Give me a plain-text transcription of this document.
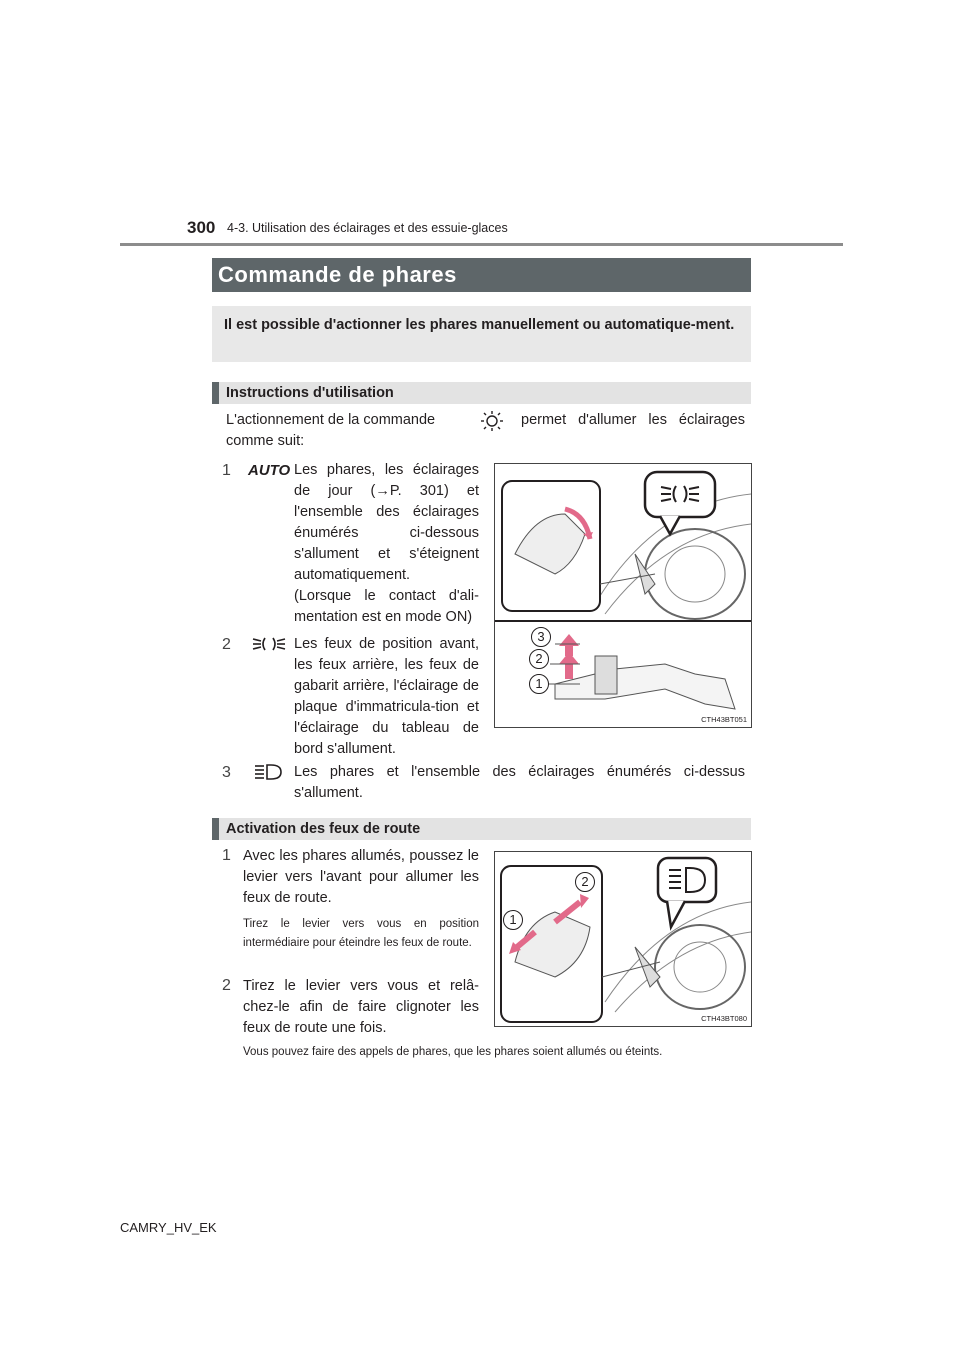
300 4-3. Utilisation des éclairages et des essuie-glaces
Commande de phares
Il est possible d'actionner les phares manuellement ou automatique-ment.
Instructions d'utilisation
L'actionnement de la commande	permet d'allumer les éclairages comme suit:
1 AUTO Les phares, les éclairages de jour (→P. 301) et l'ensemble des éclairages énumérés ci-dessous s'allument et s'éteignent automatiquement.
(Lorsque le contact d'ali-mentation est en mode ON)
2	Les feux de position avant, les feux arrière, les feux de gabarit arrière, l'éclairage de plaque d'immatricula-tion et l'éclairage du tableau de bord s'allument.
3
2
1
CTH43BT051
3	Les phares et l'ensemble des éclairages énumérés ci-dessus s'allument.
Activation des feux de route
1 Avec les phares allumés, poussez le levier vers l'avant pour allumer les feux de route.
Tirez le levier vers vous en position intermédiaire pour éteindre les feux de route.
2 Tirez le levier vers vous et relâ-chez-le afin de faire clignoter les feux de route une fois.
2
1
CTH43BT080
Vous pouvez faire des appels de phares, que les phares soient allumés ou éteints.
CAMRY_HV_EK
